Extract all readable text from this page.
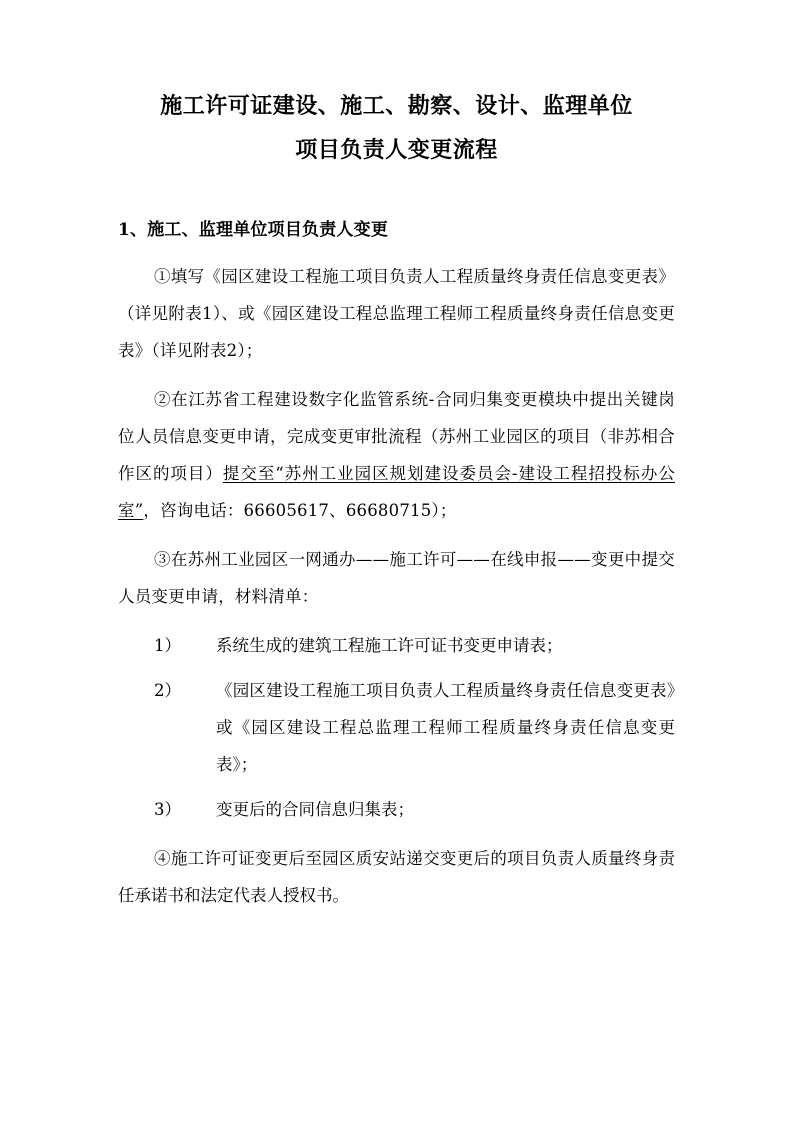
施工许可证建设、施工、勘察、设计、监理单位
项目负责人变更流程
1、施工、监理单位项目负责人变更

①填写《园区建设工程施工项目负责人工程质量终身责任信息变更表》（详见附表1）、或《园区建设工程总监理工程师工程质量终身责任信息变更表》（详见附表2）；

②在江苏省工程建设数字化监管系统-合同归集变更模块中提出关键岗位人员信息变更申请，完成变更审批流程（苏州工业园区的项目（非苏相合作区的项目）提交至“苏州工业园区规划建设委员会-建设工程招投标办公室”，咨询电话：66605617、66680715）；

③在苏州工业园区一网通办——施工许可——在线申报——变更中提交人员变更申请，材料清单：

1）	系统生成的建筑工程施工许可证书变更申请表；
2）	《园区建设工程施工项目负责人工程质量终身责任信息变更表》或《园区建设工程总监理工程师工程质量终身责任信息变更表》；
3）	变更后的合同信息归集表；

④施工许可证变更后至园区质安站递交变更后的项目负责人质量终身责任承诺书和法定代表人授权书。
